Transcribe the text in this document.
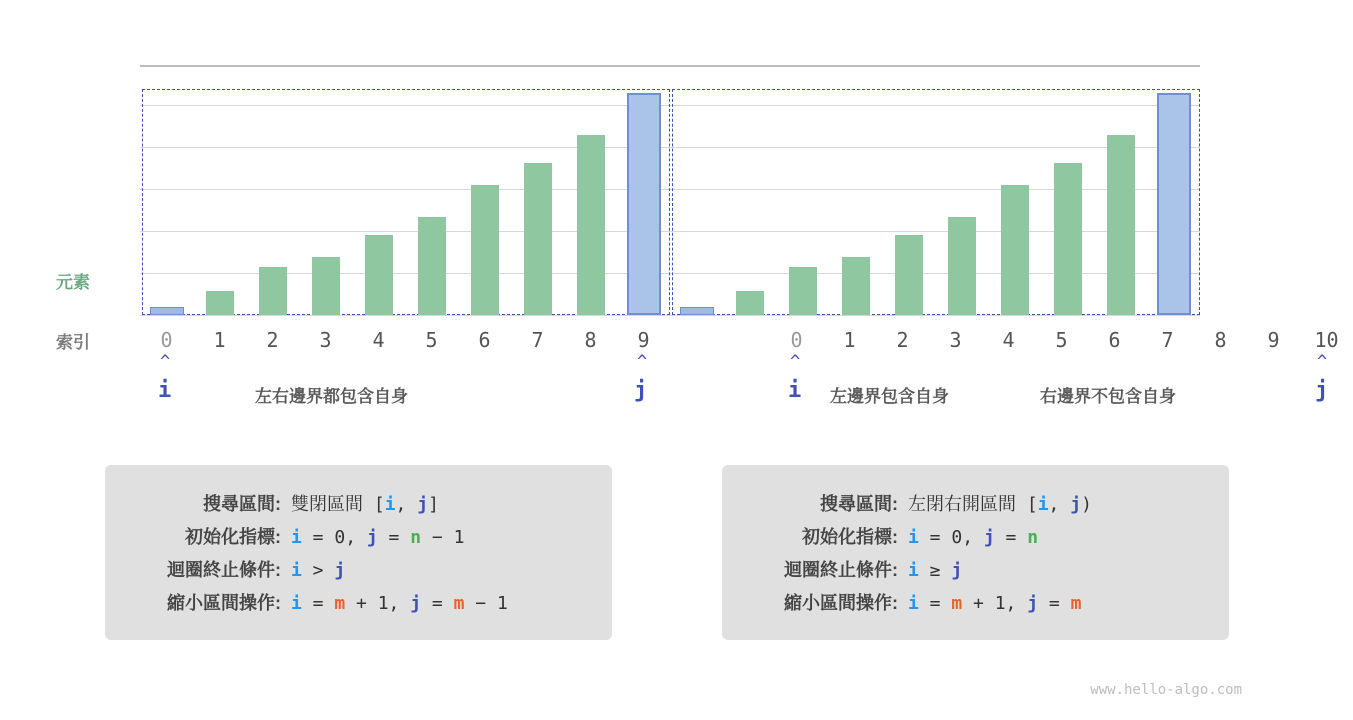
元素
索引	0	1	2	3	4	5	6	7	8	9
^
i
^
j
左右邊界都包含自身
0	1	2	3	4	5	6	7	8	9	10
^
i
^
j
左邊界包含自身	右邊界不包含自身
搜尋區間: 雙閉區間 [i, j]
初始化指標: i = 0, j = n − 1
迴圈終止條件: i > j
縮小區間操作: i = m + 1, j = m − 1
搜尋區間: 左閉右開區間 [i, j)
初始化指標: i = 0, j = n
迴圈終止條件: i ≥ j
縮小區間操作: i = m + 1, j = m
www.hello-algo.com
